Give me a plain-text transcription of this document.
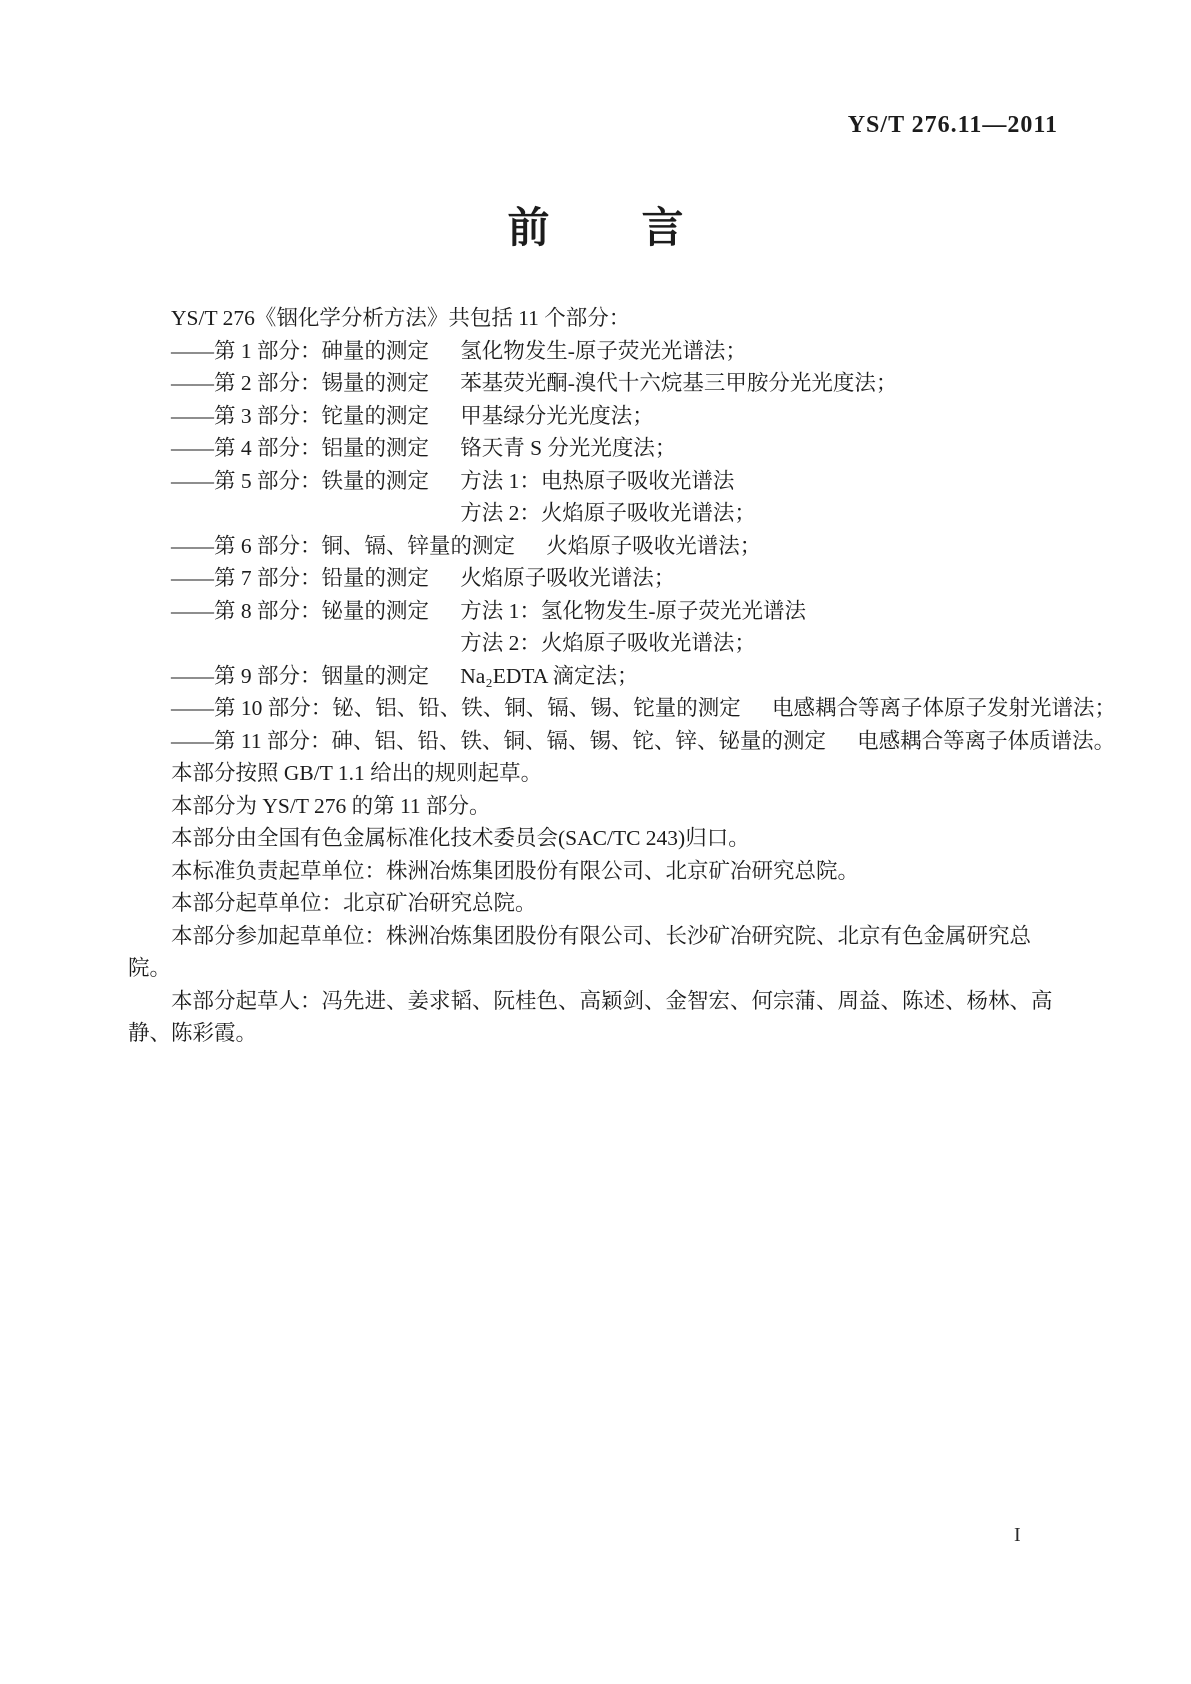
YS/T 276.11—2011
前 言

YS/T 276《铟化学分析方法》共包括 11 个部分：

——第 1 部分：砷量的测定 氢化物发生-原子荧光光谱法；
——第 2 部分：锡量的测定 苯基荧光酮-溴代十六烷基三甲胺分光光度法；
——第 3 部分：铊量的测定 甲基绿分光光度法；
——第 4 部分：铝量的测定 铬天青 S 分光光度法；
——第 5 部分：铁量的测定 方法 1：电热原子吸收光谱法
方法 2：火焰原子吸收光谱法；
——第 6 部分：铜、镉、锌量的测定 火焰原子吸收光谱法；
——第 7 部分：铅量的测定 火焰原子吸收光谱法；
——第 8 部分：铋量的测定 方法 1：氢化物发生-原子荧光光谱法
方法 2：火焰原子吸收光谱法；
——第 9 部分：铟量的测定 Na₂EDTA 滴定法；
——第 10 部分：铋、铝、铅、铁、铜、镉、锡、铊量的测定 电感耦合等离子体原子发射光谱法；
——第 11 部分：砷、铝、铅、铁、铜、镉、锡、铊、锌、铋量的测定 电感耦合等离子体质谱法。

本部分按照 GB/T 1.1 给出的规则起草。

本部分为 YS/T 276 的第 11 部分。

本部分由全国有色金属标准化技术委员会(SAC/TC 243)归口。

本标准负责起草单位：株洲冶炼集团股份有限公司、北京矿冶研究总院。

本部分起草单位：北京矿冶研究总院。

本部分参加起草单位：株洲冶炼集团股份有限公司、长沙矿冶研究院、北京有色金属研究总院。

本部分起草人：冯先进、姜求韬、阮桂色、高颖剑、金智宏、何宗蒲、周益、陈述、杨林、高静、陈彩霞。

I
